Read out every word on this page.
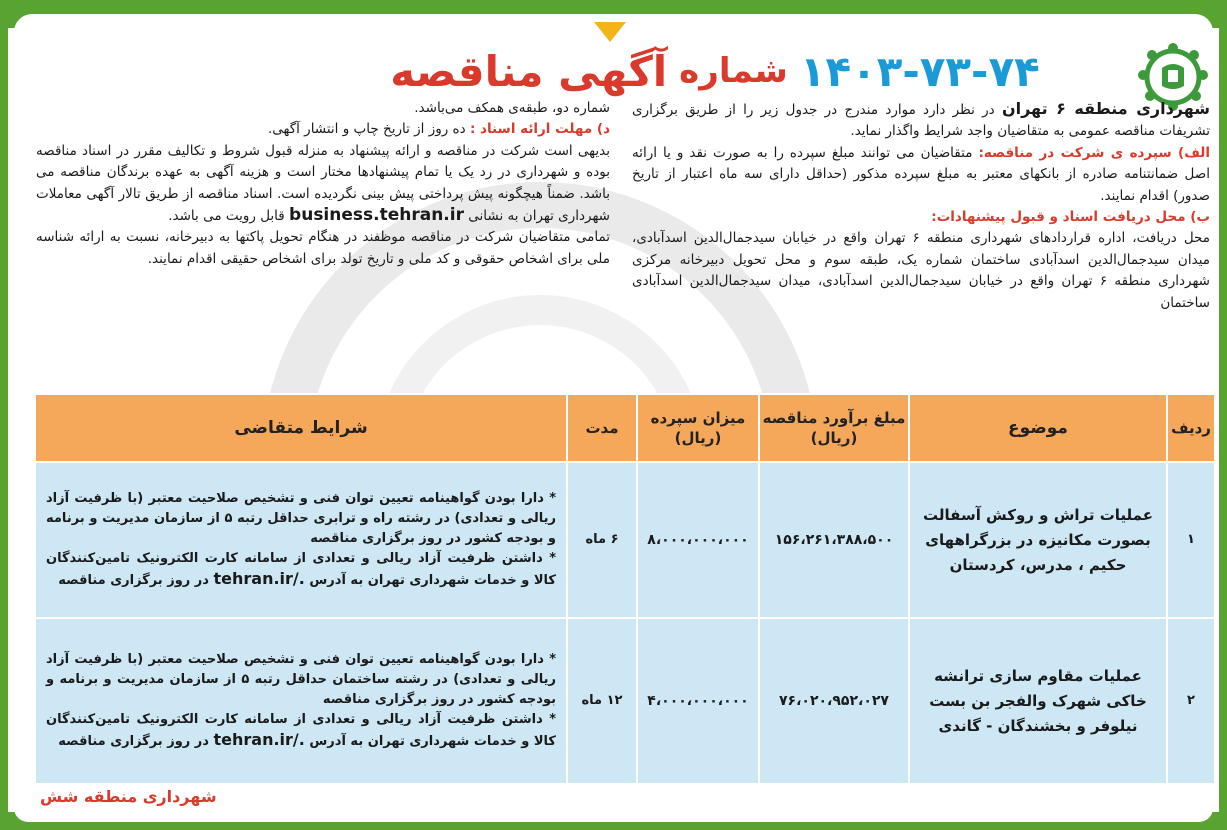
۱۴۰۳-۷۳-۷۴
شماره
آگهی مناقصه

شهرداری منطقه ۶ تهران در نظر دارد موارد مندرج در جدول زیر را از طریق برگزاری تشریفات مناقصه عمومی به متقاضیان واجد شرایط واگذار نماید.

الف) سپرده ی شرکت در مناقصه: متقاضیان می توانند مبلغ سپرده را به صورت نقد و یا ارائه اصل ضمانتنامه صادره از بانکهای معتبر به مبلغ سپرده مذکور (حداقل دارای سه ماه اعتبار از تاریخ صدور) اقدام نمایند.

ب) محل دریافت اسناد و قبول پیشنهادات:

محل دریافت، اداره قراردادهای شهرداری منطقه ۶ تهران واقع در خیابان سیدجمال‌الدین اسدآبادی، میدان سیدجمال‌الدین اسدآبادی ساختمان شماره یک، طبقه سوم و محل تحویل دبیرخانه مرکزی شهرداری منطقه ۶ تهران واقع در خیابان سیدجمال‌الدین اسدآبادی، میدان سیدجمال‌الدین اسدآبادی ساختمان

شماره دو، طبقه‌ی همکف می‌باشد.

د) مهلت ارائه اسناد : ده روز از تاریخ چاپ و انتشار آگهی.

بدیهی است شرکت در مناقصه و ارائه پیشنهاد به منزله قبول شروط و تکالیف مقرر در اسناد مناقصه بوده و شهرداری در رد یک یا تمام پیشنهادها مختار است و هزینه آگهی به عهده برندگان مناقصه می باشد. ضمناً هیچگونه پیش پرداختی پیش بینی نگردیده است. اسناد مناقصه از طریق تالار آگهی معاملات شهرداری تهران به نشانی business.tehran.ir قابل رویت می باشد.

تمامی متقاضیان شرکت در مناقصه موظفند در هنگام تحویل پاکتها به دبیرخانه، نسبت به ارائه شناسه ملی برای اشخاص حقوقی و کد ملی و تاریخ تولد برای اشخاص حقیقی اقدام نمایند.

ردیف	موضوع	مبلغ برآورد مناقصه (ریال)	میزان سپرده (ریال)	مدت	شرایط متقاضی
۱	عملیات تراش و روکش آسفالت بصورت مکانیزه در بزرگراههای حکیم ، مدرس، کردستان	۱۵۶،۲۶۱،۳۸۸،۵۰۰	۸،۰۰۰،۰۰۰،۰۰۰	۶ ماه	* دارا بودن گواهینامه تعیین توان فنی و تشخیص صلاحیت معتبر (با ظرفیت آزاد ریالی و تعدادی) در رشته راه و ترابری حداقل رتبه ۵ از سازمان مدیریت و برنامه و بودجه کشور در روز برگزاری مناقصه
* داشتن ظرفیت آزاد ریالی و تعدادی از سامانه کارت الکترونیک تامین‌کنندگان کالا و خدمات شهرداری تهران به آدرس tehran.ir/. در روز برگزاری مناقصه

۲	عملیات مقاوم سازی ترانشه خاکی شهرک والفجر بن بست نیلوفر و بخشندگان - گاندی	۷۶،۰۲۰،۹۵۲،۰۲۷	۴،۰۰۰،۰۰۰،۰۰۰	۱۲ ماه	* دارا بودن گواهینامه تعیین توان فنی و تشخیص صلاحیت معتبر (با ظرفیت آزاد ریالی و تعدادی) در رشته ساختمان حداقل رتبه ۵ از سازمان مدیریت و برنامه و بودجه کشور در روز برگزاری مناقصه
* داشتن ظرفیت آزاد ریالی و تعدادی از سامانه کارت الکترونیک تامین‌کنندگان کالا و خدمات شهرداری تهران به آدرس tehran.ir/. در روز برگزاری مناقصه
شهرداری منطقه شش
